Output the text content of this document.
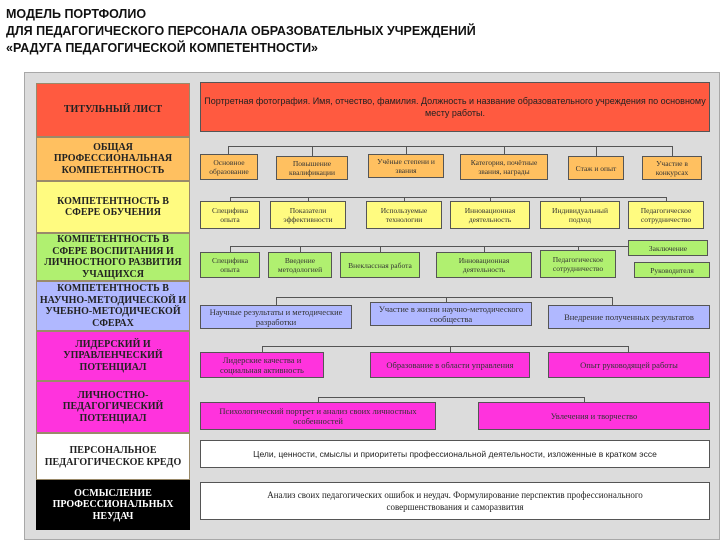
МОДЕЛЬ ПОРТФОЛИО
ДЛЯ ПЕДАГОГИЧЕСКОГО ПЕРСОНАЛА ОБРАЗОВАТЕЛЬНЫХ УЧРЕЖДЕНИЙ
«РАДУГА ПЕДАГОГИЧЕСКОЙ КОМПЕТЕНТНОСТИ»
ТИТУЛЬНЫЙ ЛИСТ
ОБЩАЯ ПРОФЕССИОНАЛЬНАЯ КОМПЕТЕНТНОСТЬ
КОМПЕТЕНТНОСТЬ В СФЕРЕ ОБУЧЕНИЯ
КОМПЕТЕНТНОСТЬ В СФЕРЕ ВОСПИТАНИЯ И ЛИЧНОСТНОГО РАЗВИТИЯ УЧАЩИХСЯ
КОМПЕТЕНТНОСТЬ В НАУЧНО-МЕТОДИЧЕСКОЙ И УЧЕБНО-МЕТОДИЧЕСКОЙ СФЕРАХ
ЛИДЕРСКИЙ И УПРАВЛЕНЧЕСКИЙ ПОТЕНЦИАЛ
ЛИЧНОСТНО-ПЕДАГОГИЧЕСКИЙ ПОТЕНЦИАЛ
ПЕРСОНАЛЬНОЕ ПЕДАГОГИЧЕСКОЕ КРЕДО
ОСМЫСЛЕНИЕ ПРОФЕССИОНАЛЬНЫХ НЕУДАЧ
Портретная фотография. Имя, отчество, фамилия. Должность и название образовательного учреждения по основному месту работы.
Основное образование
Повышение квалификации
Учёные степени и звания
Категория, почётные звания, награды	Стаж и опыт	Участие в конкурсах
Специфика опыта
Показатели эффективности
Используемые технологии
Инновационная деятельность
Индивидуальный подход
Педагогическое сотрудничество
Специфика опыта
Введение методологией	Внеклассная работа	Инновационная деятельность
Педагогическое сотрудничество
Заключение
Руководителя
Научные результаты и методические разработки
Участие в жизни научно-методического сообщества	Внедрение полученных результатов
Лидерские качества и социальная активность
Образование в области управления	Опыт руководящей работы
Психологический портрет и анализ своих личностных особенностей
Увлечения и творчество
Цели, ценности, смыслы и приоритеты профессиональной деятельности, изложенные в кратком эссе
Анализ своих педагогических ошибок и неудач. Формулирование перспектив профессионального совершенствования и саморазвития
